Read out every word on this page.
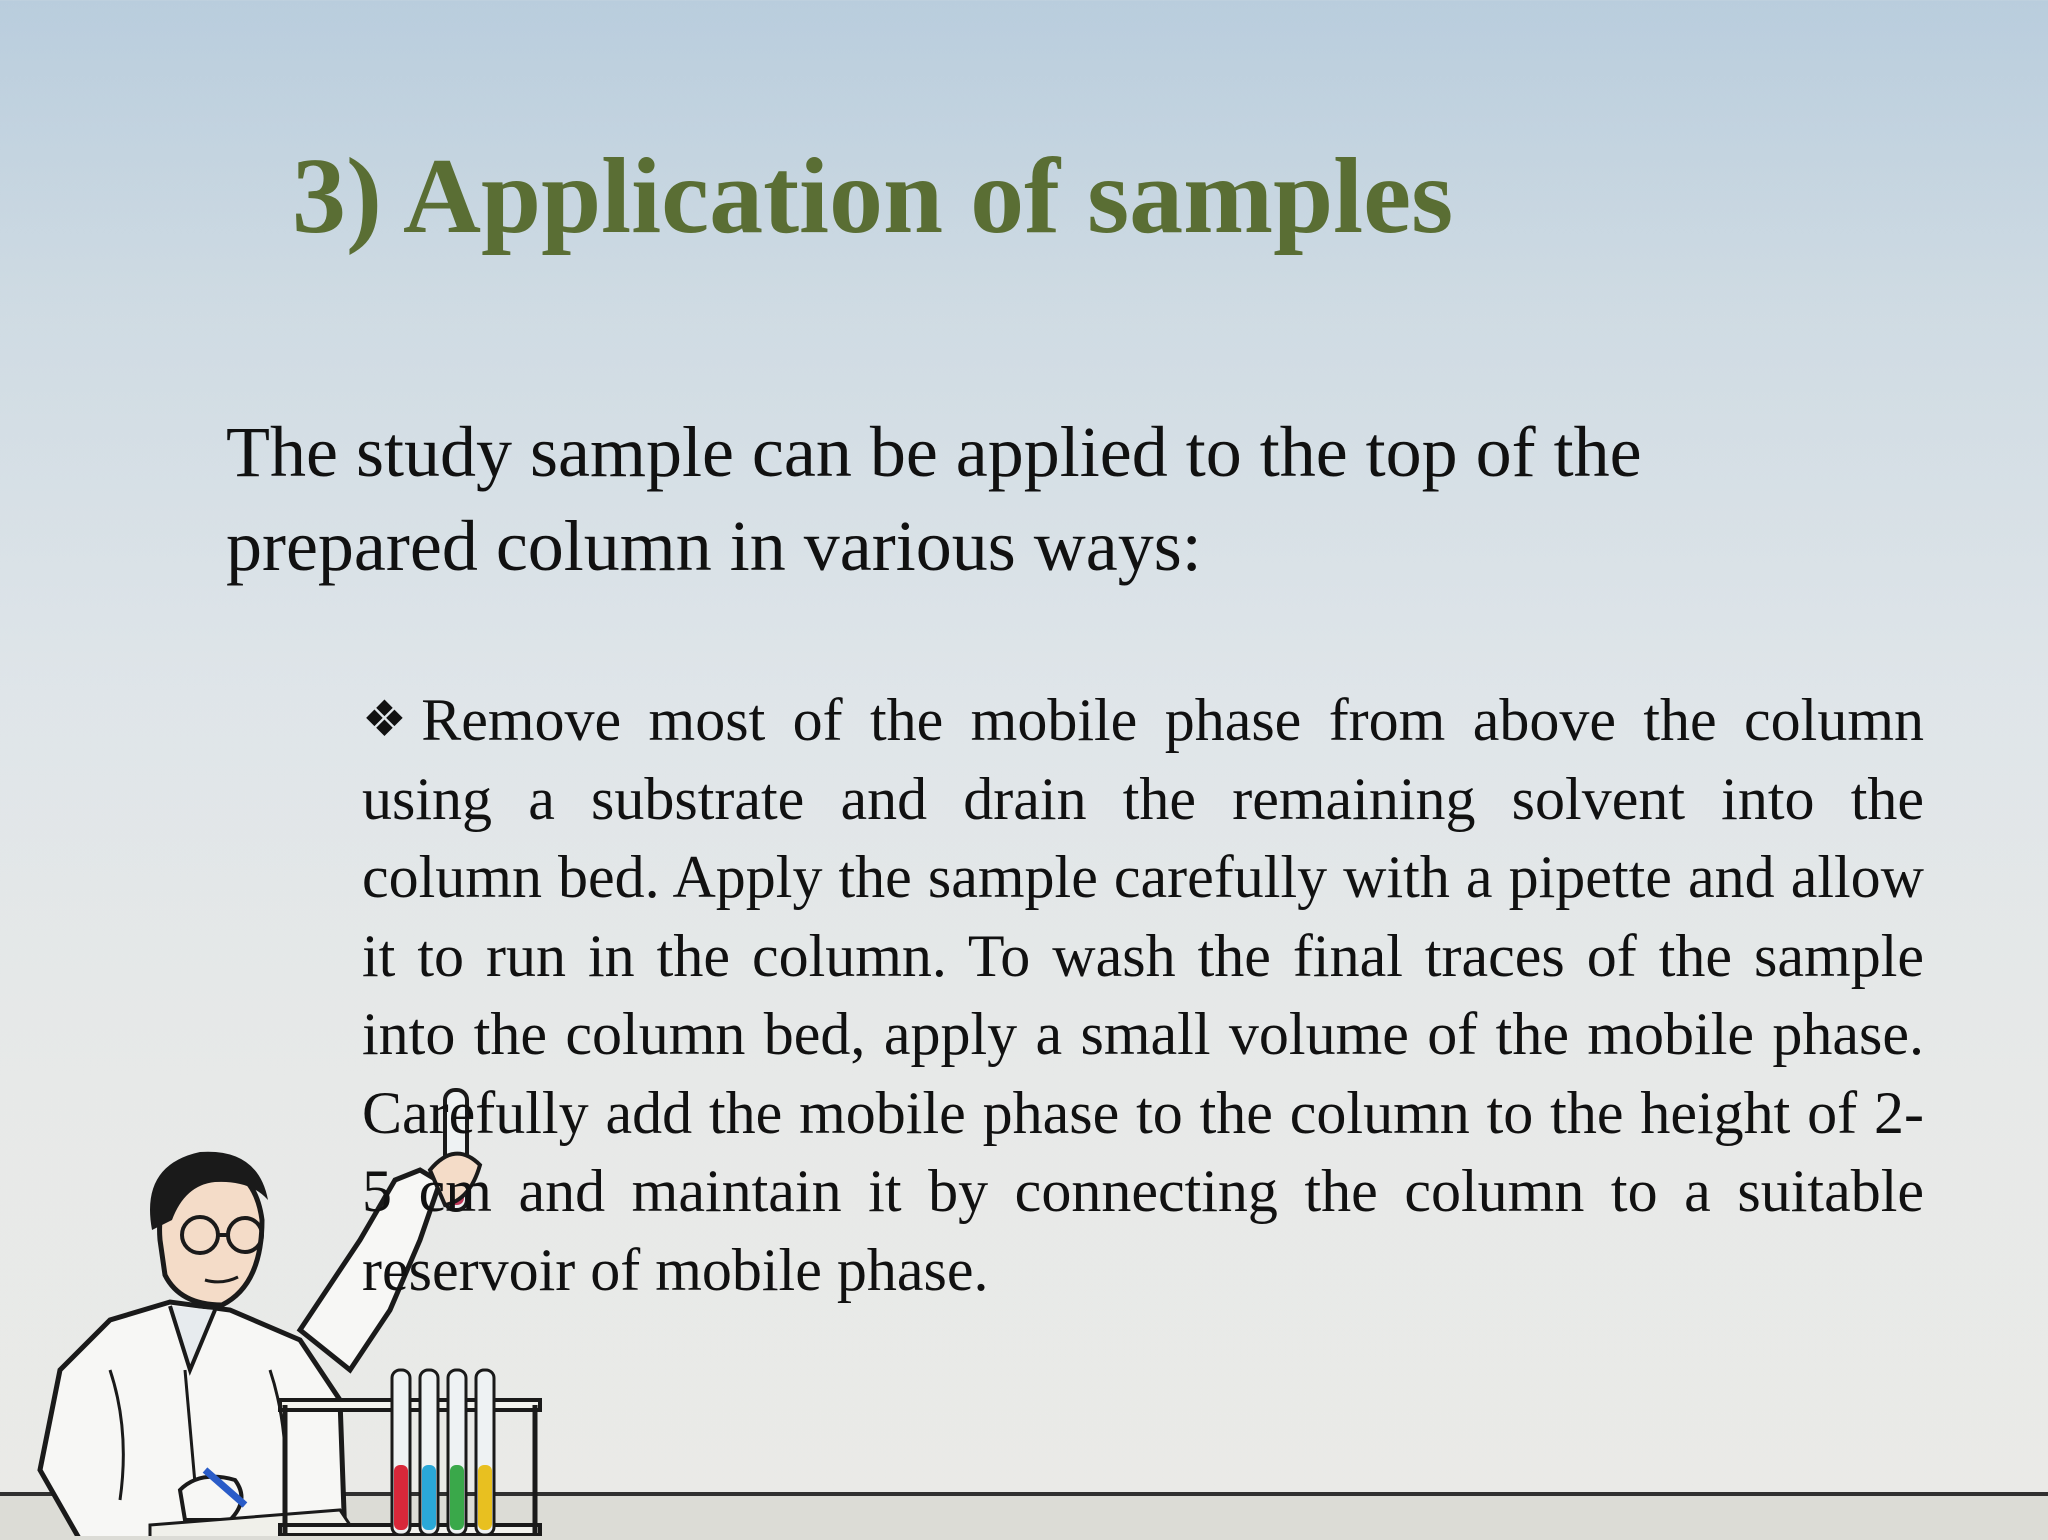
3) Application of samples

The study sample can be applied to the top of the prepared column in various ways:

❖Remove most of the mobile phase from above the column using a substrate and drain the remaining solvent into the column bed. Apply the sample carefully with a pipette and allow it to run in the column. To wash the final traces of the sample into the column bed, apply a small volume of the mobile phase. Carefully add the mobile phase to the column to the height of 2-5 cm and maintain it by connecting the column to a suitable reservoir of mobile phase.
